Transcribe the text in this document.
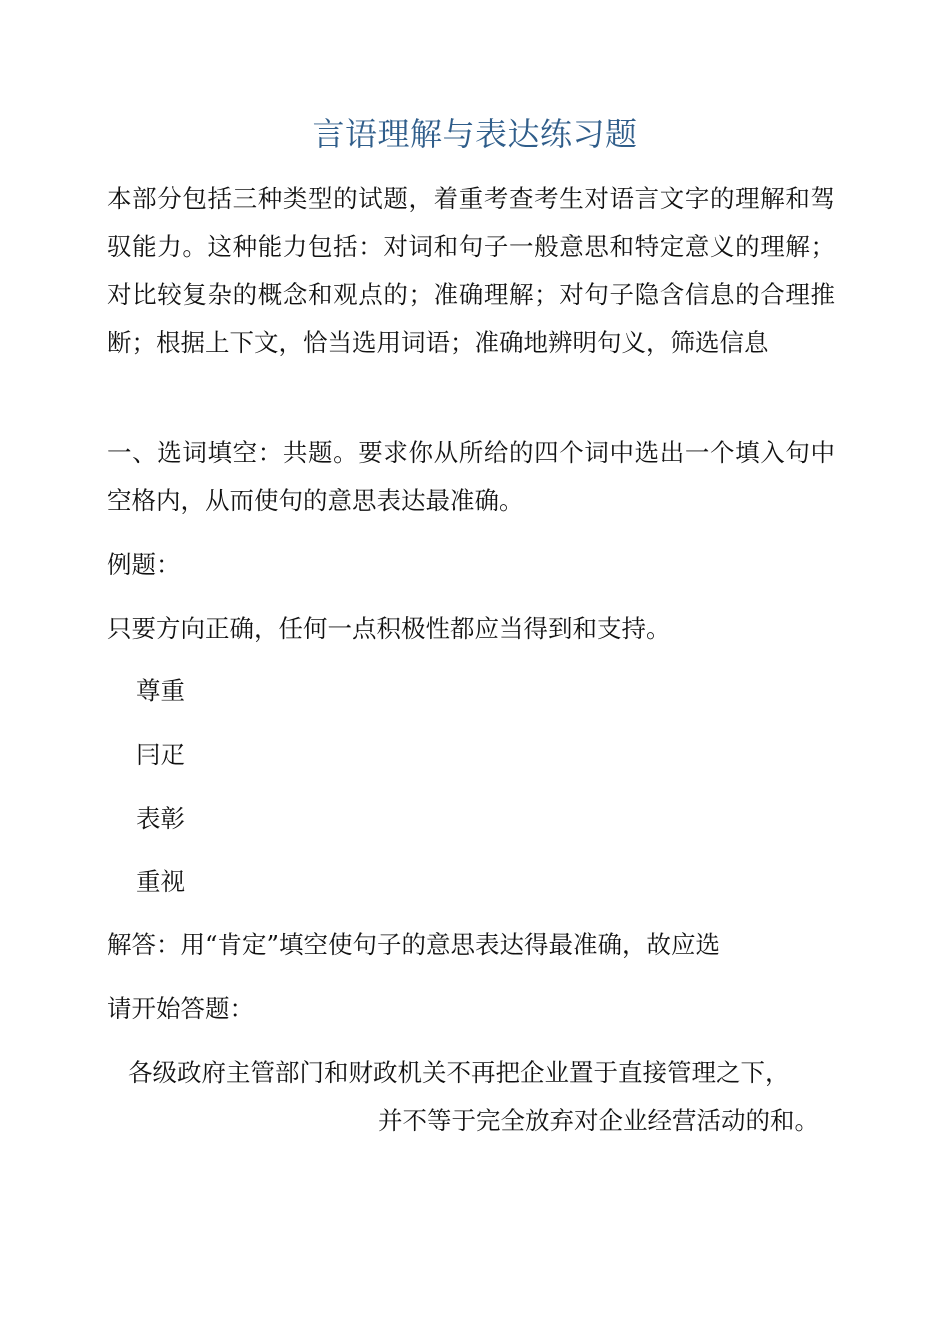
言语理解与表达练习题

本部分包括三种类型的试题，着重考查考生对语言文字的理解和驾驭能力。这种能力包括：对词和句子一般意思和特定意义的理解；对比较复杂的概念和观点的；准确理解；对句子隐含信息的合理推断；根据上下文，恰当选用词语；准确地辨明句义，筛选信息

一、选词填空：共题。要求你从所给的四个词中选出一个填入句中空格内，从而使句的意思表达最准确。

例题：

只要方向正确，任何一点积极性都应当得到和支持。

尊重

冃疋

表彰

重视

解答：用“肯定”填空使句子的意思表达得最准确，故应选

请开始答题：

各级政府主管部门和财政机关不再把企业置于直接管理之下，

并不等于完全放弃对企业经营活动的和。
